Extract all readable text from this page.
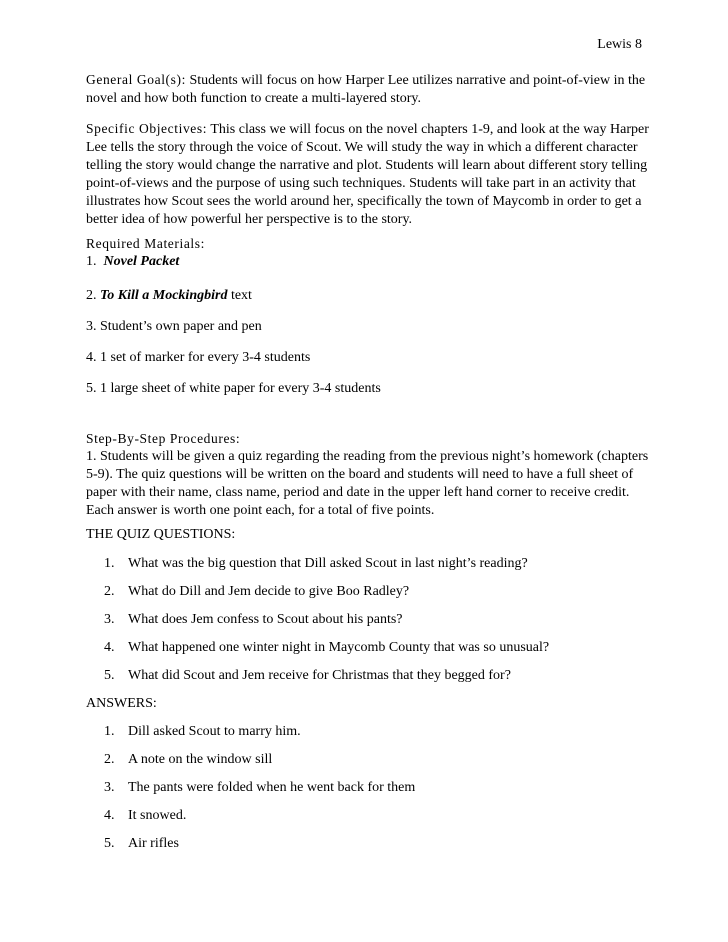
Lewis 8
General Goal(s): Students will focus on how Harper Lee utilizes narrative and point-of-view in the novel and how both function to create a multi-layered story.
Specific Objectives: This class we will focus on the novel chapters 1-9, and look at the way Harper Lee tells the story through the voice of Scout. We will study the way in which a different character telling the story would change the narrative and plot. Students will learn about different story telling point-of-views and the purpose of using such techniques. Students will take part in an activity that illustrates how Scout sees the world around her, specifically the town of Maycomb in order to get a better idea of how powerful her perspective is to the story.
Required Materials:
1. Novel Packet
2. To Kill a Mockingbird text
3. Student’s own paper and pen
4. 1 set of marker for every 3-4 students
5. 1 large sheet of white paper for every 3-4 students
Step-By-Step Procedures:
1. Students will be given a quiz regarding the reading from the previous night’s homework (chapters 5-9). The quiz questions will be written on the board and students will need to have a full sheet of paper with their name, class name, period and date in the upper left hand corner to receive credit. Each answer is worth one point each, for a total of five points.
THE QUIZ QUESTIONS:
1. What was the big question that Dill asked Scout in last night’s reading?
2. What do Dill and Jem decide to give Boo Radley?
3. What does Jem confess to Scout about his pants?
4. What happened one winter night in Maycomb County that was so unusual?
5. What did Scout and Jem receive for Christmas that they begged for?
ANSWERS:
1. Dill asked Scout to marry him.
2. A note on the window sill
3. The pants were folded when he went back for them
4. It snowed.
5. Air rifles
